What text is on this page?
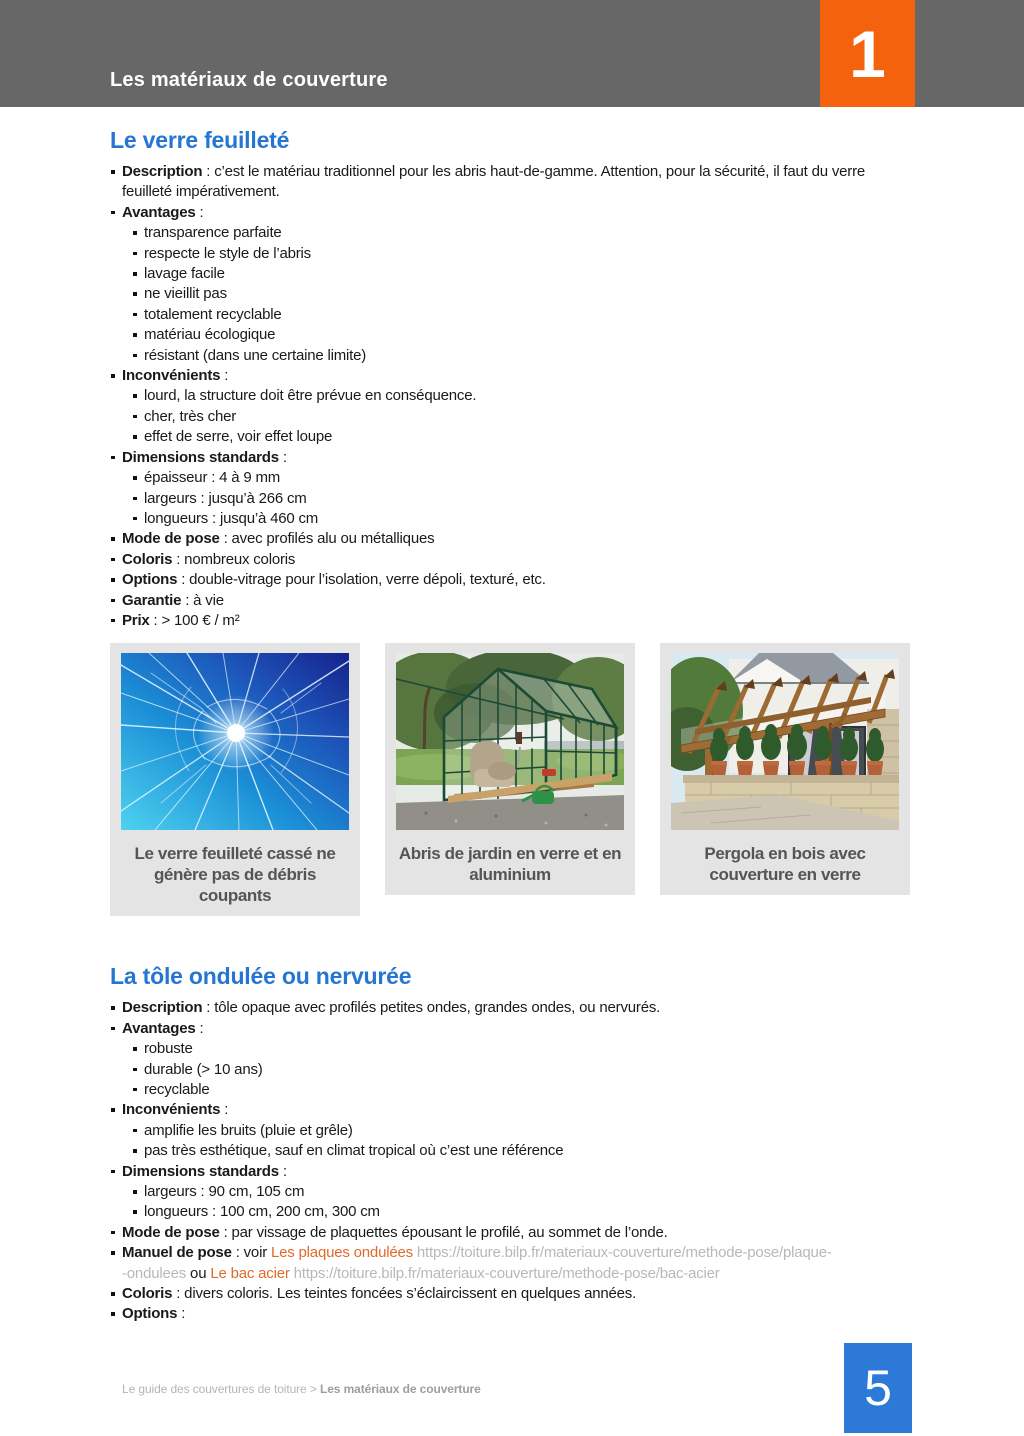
Les matériaux de couverture	1
Le verre feuilleté
Description : c’est le matériau traditionnel pour les abris haut-de-gamme. Attention, pour la sécurité, il faut du verre feuilleté impérativement.
Avantages :
transparence parfaite
respecte le style de l’abris
lavage facile
ne vieillit pas
totalement recyclable
matériau écologique
résistant (dans une certaine limite)
Inconvénients :
lourd, la structure doit être prévue en conséquence.
cher, très cher
effet de serre, voir effet loupe
Dimensions standards :
épaisseur : 4 à 9 mm
largeurs : jusqu’à 266 cm
longueurs : jusqu’à 460 cm
Mode de pose : avec profilés alu ou métalliques
Coloris : nombreux coloris
Options : double-vitrage pour l’isolation, verre dépoli, texturé, etc.
Garantie : à vie
Prix : > 100 € / m²
Le verre feuilleté cassé ne génère pas de débris coupants
Abris de jardin en verre et en aluminium
Pergola en bois avec couverture en verre
La tôle ondulée ou nervurée
Description : tôle opaque avec profilés petites ondes, grandes ondes, ou nervurés.
Avantages :
robuste
durable (> 10 ans)
recyclable
Inconvénients :
amplifie les bruits (pluie et grêle)
pas très esthétique, sauf en climat tropical où c’est une référence
Dimensions standards :
largeurs : 90 cm, 105 cm
longueurs : 100 cm, 200 cm, 300 cm
Mode de pose : par vissage de plaquettes épousant le profilé, au sommet de l’onde.
Manuel de pose : voir Les plaques ondulées https://toiture.bilp.fr/materiaux-couverture/methode-pose/plaque-
-ondulees ou Le bac acier https://toiture.bilp.fr/materiaux-couverture/methode-pose/bac-acier
Coloris : divers coloris. Les teintes foncées s’éclaircissent en quelques années.
Options :
Le guide des couvertures de toiture > Les matériaux de couverture	5
